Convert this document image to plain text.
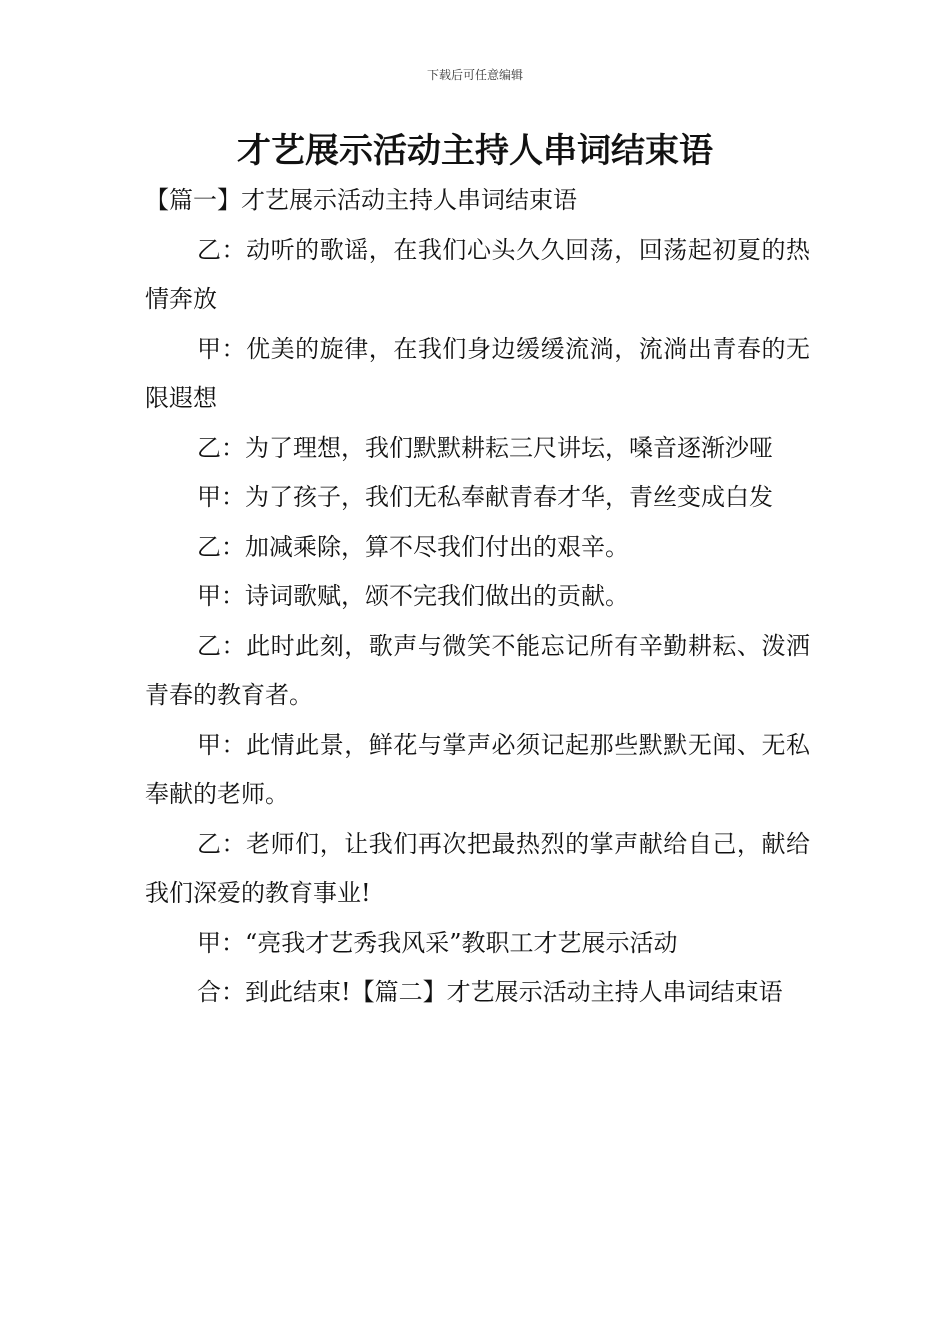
下载后可任意编辑
才艺展示活动主持人串词结束语

【篇一】才艺展示活动主持人串词结束语

乙：动听的歌谣，在我们心头久久回荡，回荡起初夏的热情奔放

甲：优美的旋律，在我们身边缓缓流淌，流淌出青春的无限遐想

乙：为了理想，我们默默耕耘三尺讲坛，嗓音逐渐沙哑

甲：为了孩子，我们无私奉献青春才华，青丝变成白发

乙：加减乘除，算不尽我们付出的艰辛。

甲：诗词歌赋，颂不完我们做出的贡献。

乙：此时此刻，歌声与微笑不能忘记所有辛勤耕耘、泼洒青春的教育者。

甲：此情此景，鲜花与掌声必须记起那些默默无闻、无私奉献的老师。

乙：老师们，让我们再次把最热烈的掌声献给自己，献给我们深爱的教育事业!

甲：“亮我才艺秀我风采”教职工才艺展示活动

合：到此结束!【篇二】才艺展示活动主持人串词结束语
